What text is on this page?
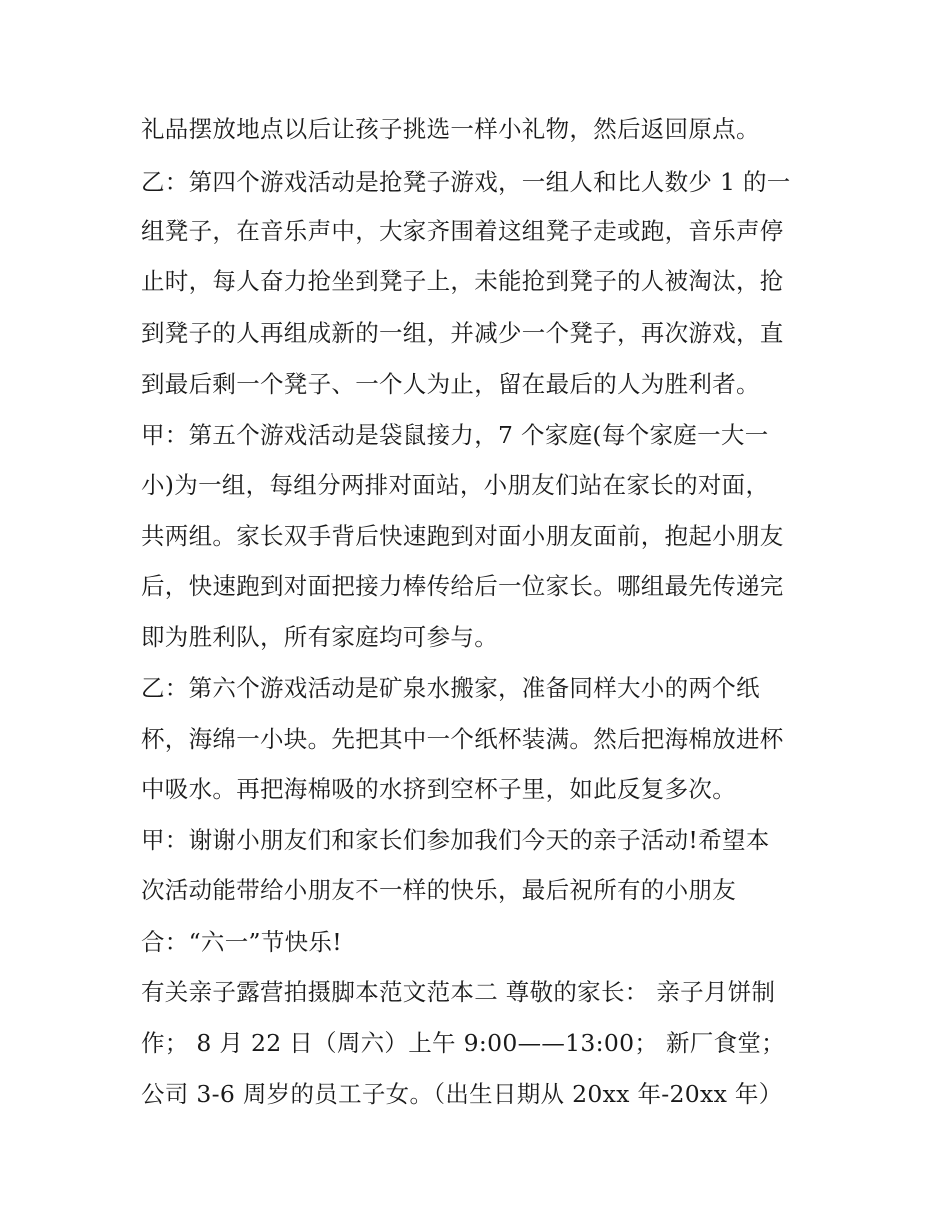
礼品摆放地点以后让孩子挑选一样小礼物，然后返回原点。
乙：第四个游戏活动是抢凳子游戏，一组人和比人数少 1 的一
组凳子，在音乐声中，大家齐围着这组凳子走或跑，音乐声停
止时，每人奋力抢坐到凳子上，未能抢到凳子的人被淘汰，抢
到凳子的人再组成新的一组，并减少一个凳子，再次游戏，直
到最后剩一个凳子、一个人为止，留在最后的人为胜利者。
甲：第五个游戏活动是袋鼠接力，7 个家庭(每个家庭一大一
小)为一组，每组分两排对面站，小朋友们站在家长的对面，
共两组。家长双手背后快速跑到对面小朋友面前，抱起小朋友
后，快速跑到对面把接力棒传给后一位家长。哪组最先传递完
即为胜利队，所有家庭均可参与。
乙：第六个游戏活动是矿泉水搬家，准备同样大小的两个纸
杯，海绵一小块。先把其中一个纸杯装满。然后把海棉放进杯
中吸水。再把海棉吸的水挤到空杯子里，如此反复多次。
甲：谢谢小朋友们和家长们参加我们今天的亲子活动!希望本
次活动能带给小朋友不一样的快乐，最后祝所有的小朋友
合：“六一”节快乐!
有关亲子露营拍摄脚本范文范本二 尊敬的家长： 亲子月饼制
作； 8 月 22 日（周六）上午 9:00——13:00； 新厂食堂；
公司 3-6 周岁的员工子女。（出生日期从 20xx 年-20xx 年）
